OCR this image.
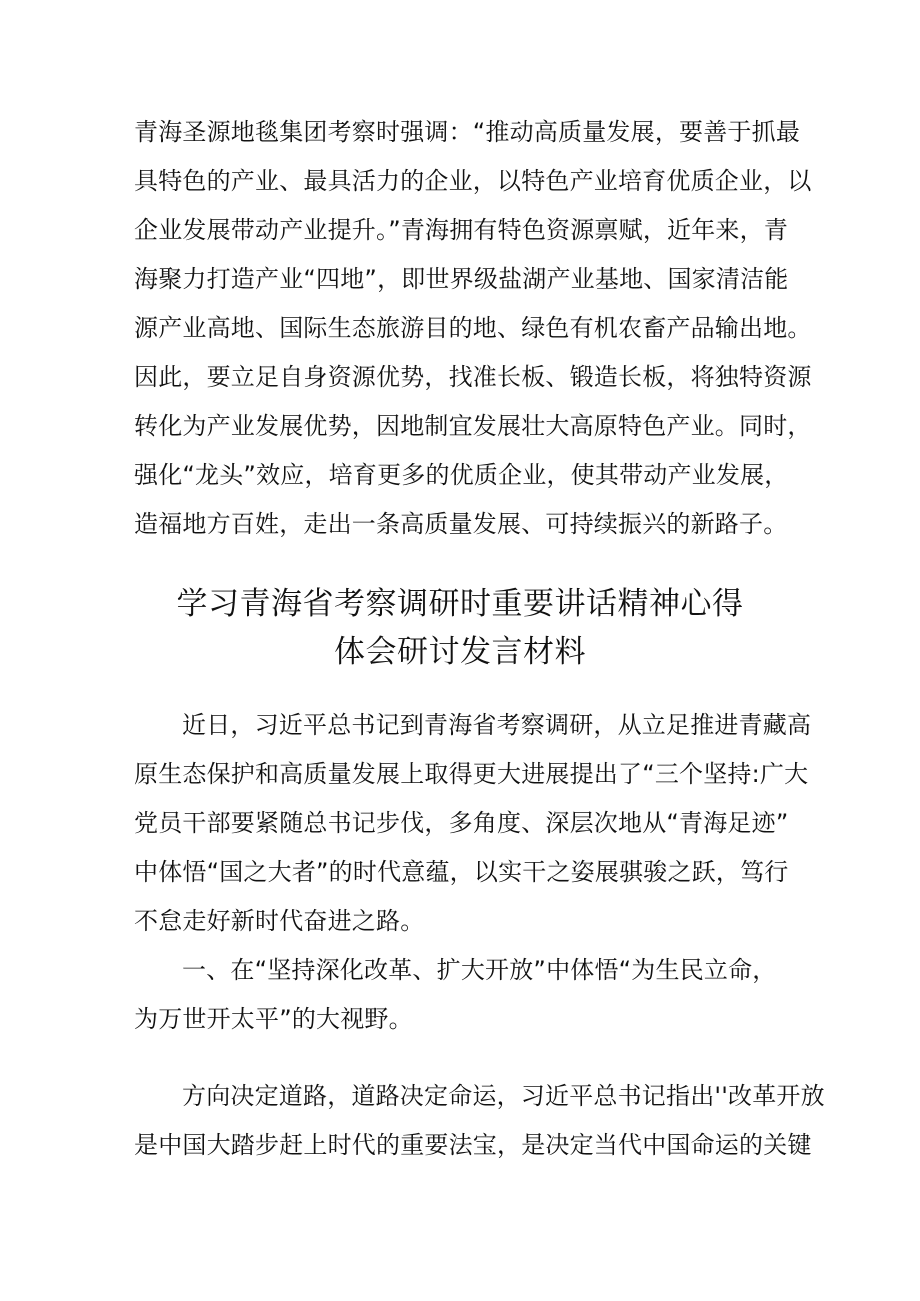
青海圣源地毯集团考察时强调：“推动高质量发展，要善于抓最
具特色的产业、最具活力的企业，以特色产业培育优质企业，以
企业发展带动产业提升。”青海拥有特色资源禀赋，近年来，青
海聚力打造产业“四地”，即世界级盐湖产业基地、国家清洁能
源产业高地、国际生态旅游目的地、绿色有机农畜产品输出地。
因此，要立足自身资源优势，找准长板、锻造长板，将独特资源
转化为产业发展优势，因地制宜发展壮大高原特色产业。同时，
强化“龙头”效应，培育更多的优质企业，使其带动产业发展，
造福地方百姓，走出一条高质量发展、可持续振兴的新路子。
学习青海省考察调研时重要讲话精神心得
体会研讨发言材料
近日，习近平总书记到青海省考察调研，从立足推进青藏高
原生态保护和高质量发展上取得更大进展提出了“三个坚持:广大
党员干部要紧随总书记步伐，多角度、深层次地从“青海足迹”
中体悟“国之大者”的时代意蕴，以实干之姿展骐骏之跃，笃行
不怠走好新时代奋进之路。
一、在“坚持深化改革、扩大开放”中体悟“为生民立命，
为万世开太平”的大视野。
方向决定道路，道路决定命运，习近平总书记指出''改革开放
是中国大踏步赶上时代的重要法宝，是决定当代中国命运的关键
